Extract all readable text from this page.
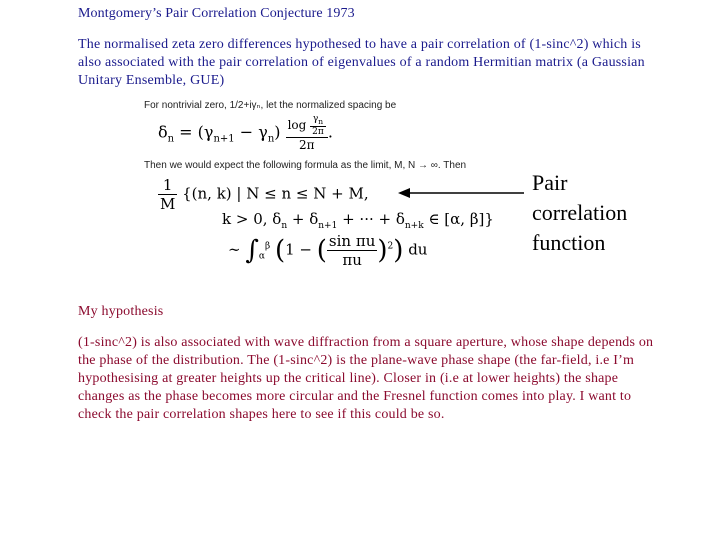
Montgomery’s Pair Correlation Conjecture 1973
The normalised zeta zero differences hypothesed to have a pair correlation of (1-sinc^2) which is also associated with the pair correlation of eigenvalues of a random Hermitian matrix (a Gaussian Unitary Ensemble, GUE)
For nontrivial zero, 1/2+iγₙ, let the normalized spacing be
$\delta_n = (\gamma_{n+1} - \gamma_n) \frac{\log \frac{\gamma_n}{2\pi}}{2\pi}$ .
Then we would expect the following formula as the limit, M, N → ∞. Then
$\frac{1}{M} \{(n$, k) | N ≤ n ≤ N + M,
k > 0, $\delta_n + \delta_{n+1}$ + ··· + $\delta_{n+k}$ ∈ [α, β]}
∼ $\int_\alpha^\beta$ (1 − ( $\frac{\text{sin πu}}{\pi u} )^2$) du
Pair correlation function
My hypothesis
(1-sinc^2) is also associated with wave diffraction from a square aperture, whose shape depends on the phase of the distribution. The (1-sinc^2) is the plane-wave phase shape (the far-field, i.e I’m hypothesising at greater heights up the critical line). Closer in (i.e at lower heights) the shape changes as the phase becomes more circular and the Fresnel function comes into play. I want to check the pair correlation shapes here to see if this could be so.
